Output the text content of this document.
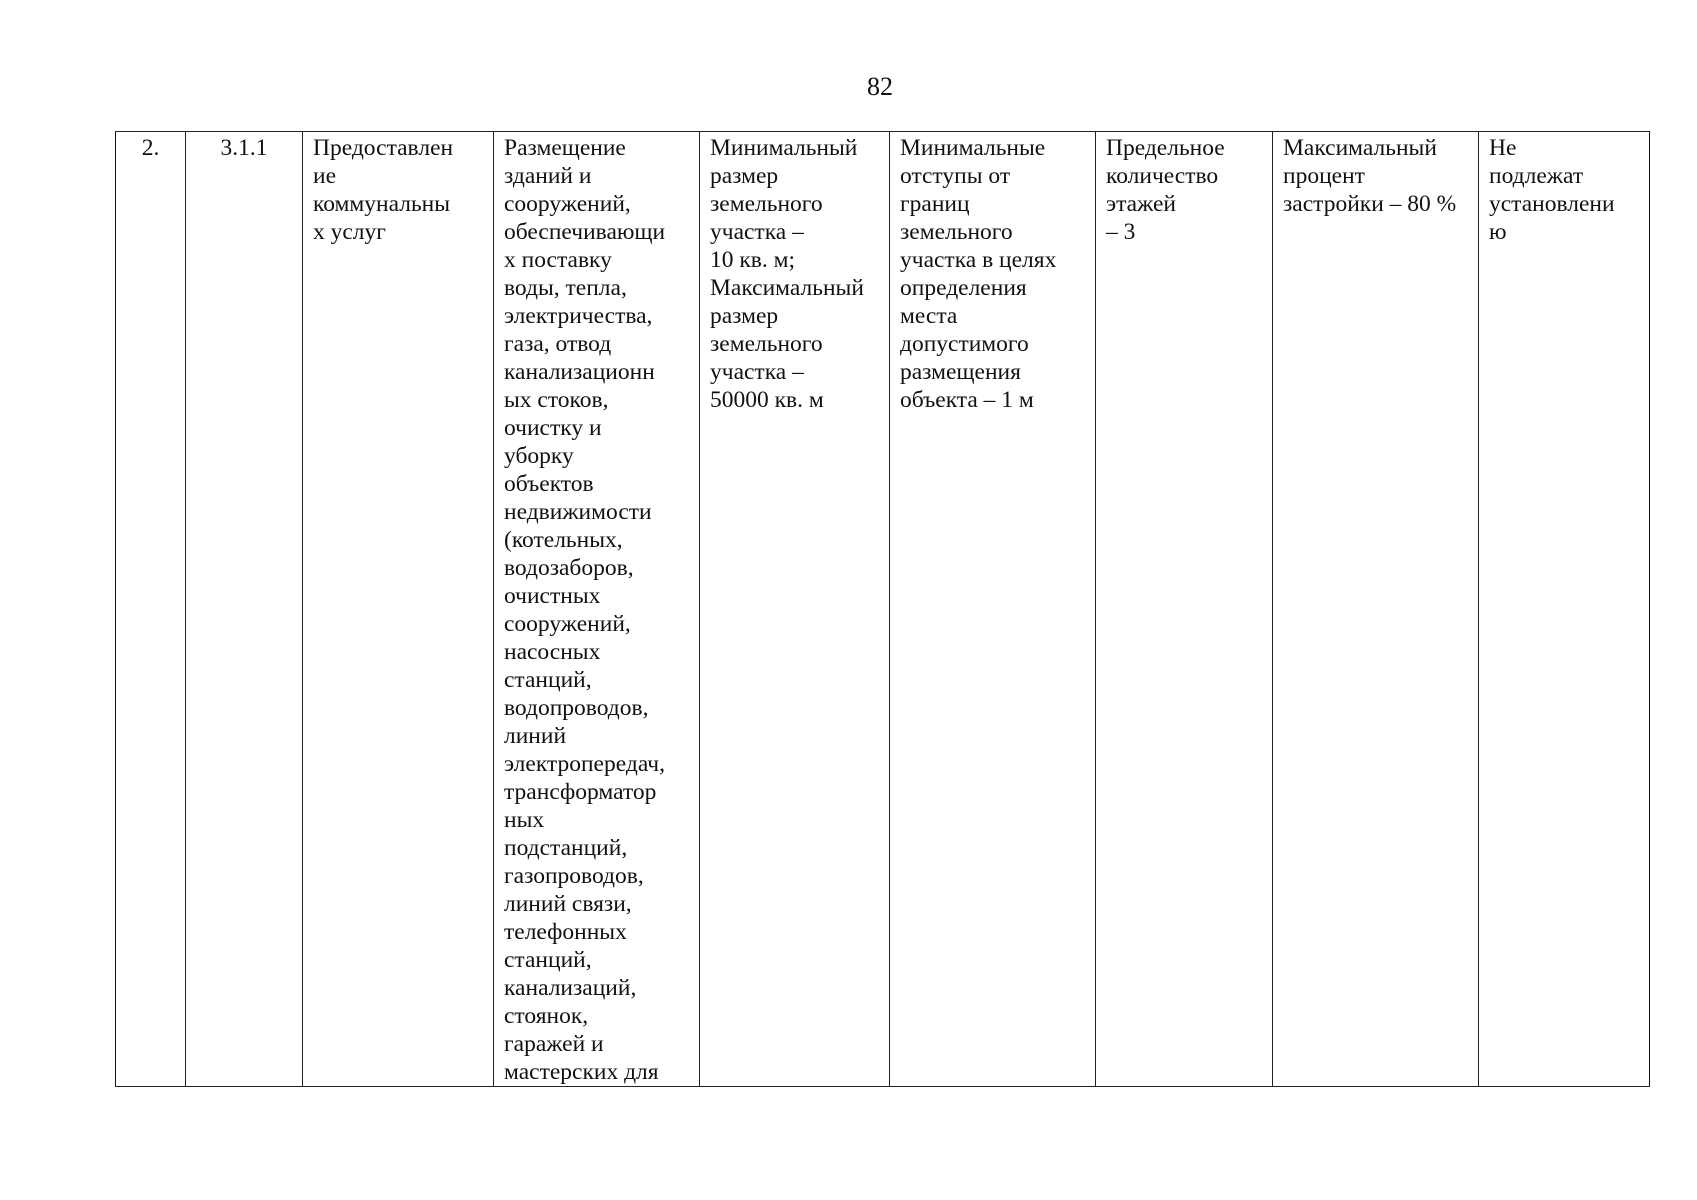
82
2.	3.1.1	Предоставлен
ие
коммунальны
х услуг	Размещение
зданий и
сооружений,
обеспечивающи
х поставку
воды, тепла,
электричества,
газа, отвод
канализационн
ых стоков,
очистку и
уборку
объектов
недвижимости
(котельных,
водозаборов,
очистных
сооружений,
насосных
станций,
водопроводов,
линий
электропередач,
трансформатор
ных
подстанций,
газопроводов,
линий связи,
телефонных
станций,
канализаций,
стоянок,
гаражей и
мастерских для	Минимальный
размер
земельного
участка –
10 кв. м;
Максимальный
размер
земельного
участка –
50000 кв. м	Минимальные
отступы от
границ
земельного
участка в целях
определения
места
допустимого
размещения
объекта – 1 м	Предельное
количество
этажей
– 3	Максимальный
процент
застройки – 80 %	Не
подлежат
установлени
ю
